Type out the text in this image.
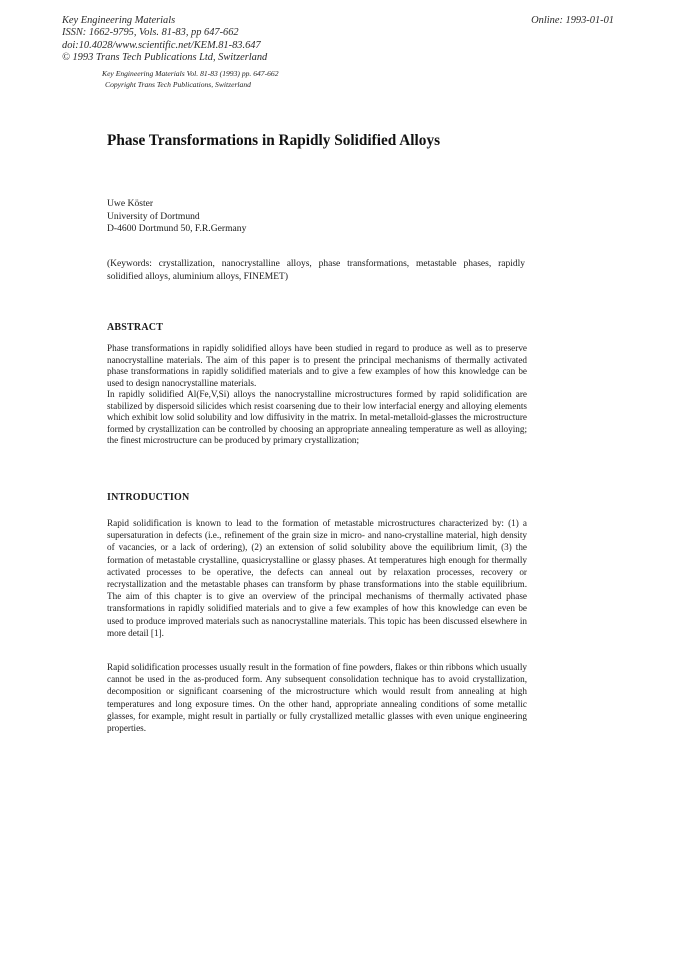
Key Engineering Materials
ISSN: 1662-9795, Vols. 81-83, pp 647-662
doi:10.4028/www.scientific.net/KEM.81-83.647
© 1993 Trans Tech Publications Ltd, Switzerland
Online: 1993-01-01
Key Engineering Materials Vol. 81-83 (1993) pp. 647-662
Copyright Trans Tech Publications, Switzerland
Phase Transformations in Rapidly Solidified Alloys
Uwe Köster
University of Dortmund
D-4600 Dortmund 50, F.R.Germany
(Keywords: crystallization, nanocrystalline alloys, phase transformations, metastable phases, rapidly solidified alloys, aluminium alloys, FINEMET)
ABSTRACT

Phase transformations in rapidly solidified alloys have been studied in regard to produce as well as to preserve nanocrystalline materials. The aim of this paper is to present the principal mechanisms of thermally activated phase transformations in rapidly solidified materials and to give a few examples of how this knowledge can be used to design nanocrystalline materials.

In rapidly solidified Al(Fe,V,Si) alloys the nanocrystalline microstructures formed by rapid solidification are stabilized by dispersoid silicides which resist coarsening due to their low interfacial energy and alloying elements which exhibit low solid solubility and low diffusivity in the matrix. In metal-metalloid-glasses the microstructure formed by crystallization can be controlled by choosing an appropriate annealing temperature as well as alloying; the finest microstructure can be produced by primary crystallization;

INTRODUCTION

Rapid solidification is known to lead to the formation of metastable microstructures characterized by: (1) a supersaturation in defects (i.e., refinement of the grain size in micro- and nano-crystalline material, high density of vacancies, or a lack of ordering), (2) an extension of solid solubility above the equilibrium limit, (3) the formation of metastable crystalline, quasicrystalline or glassy phases. At temperatures high enough for thermally activated processes to be operative, the defects can anneal out by relaxation processes, recovery or recrystallization and the metastable phases can transform by phase transformations into the stable equilibrium. The aim of this chapter is to give an overview of the principal mechanisms of thermally activated phase transformations in rapidly solidified materials and to give a few examples of how this knowledge can even be used to produce improved materials such as nanocrystalline materials. This topic has been discussed elsewhere in more detail [1].

Rapid solidification processes usually result in the formation of fine powders, flakes or thin ribbons which usually cannot be used in the as-produced form. Any subsequent consolidation technique has to avoid crystallization, decomposition or significant coarsening of the microstructure which would result from annealing at high temperatures and long exposure times. On the other hand, appropriate annealing conditions of some metallic glasses, for example, might result in partially or fully crystallized metallic glasses with even unique engineering properties.
